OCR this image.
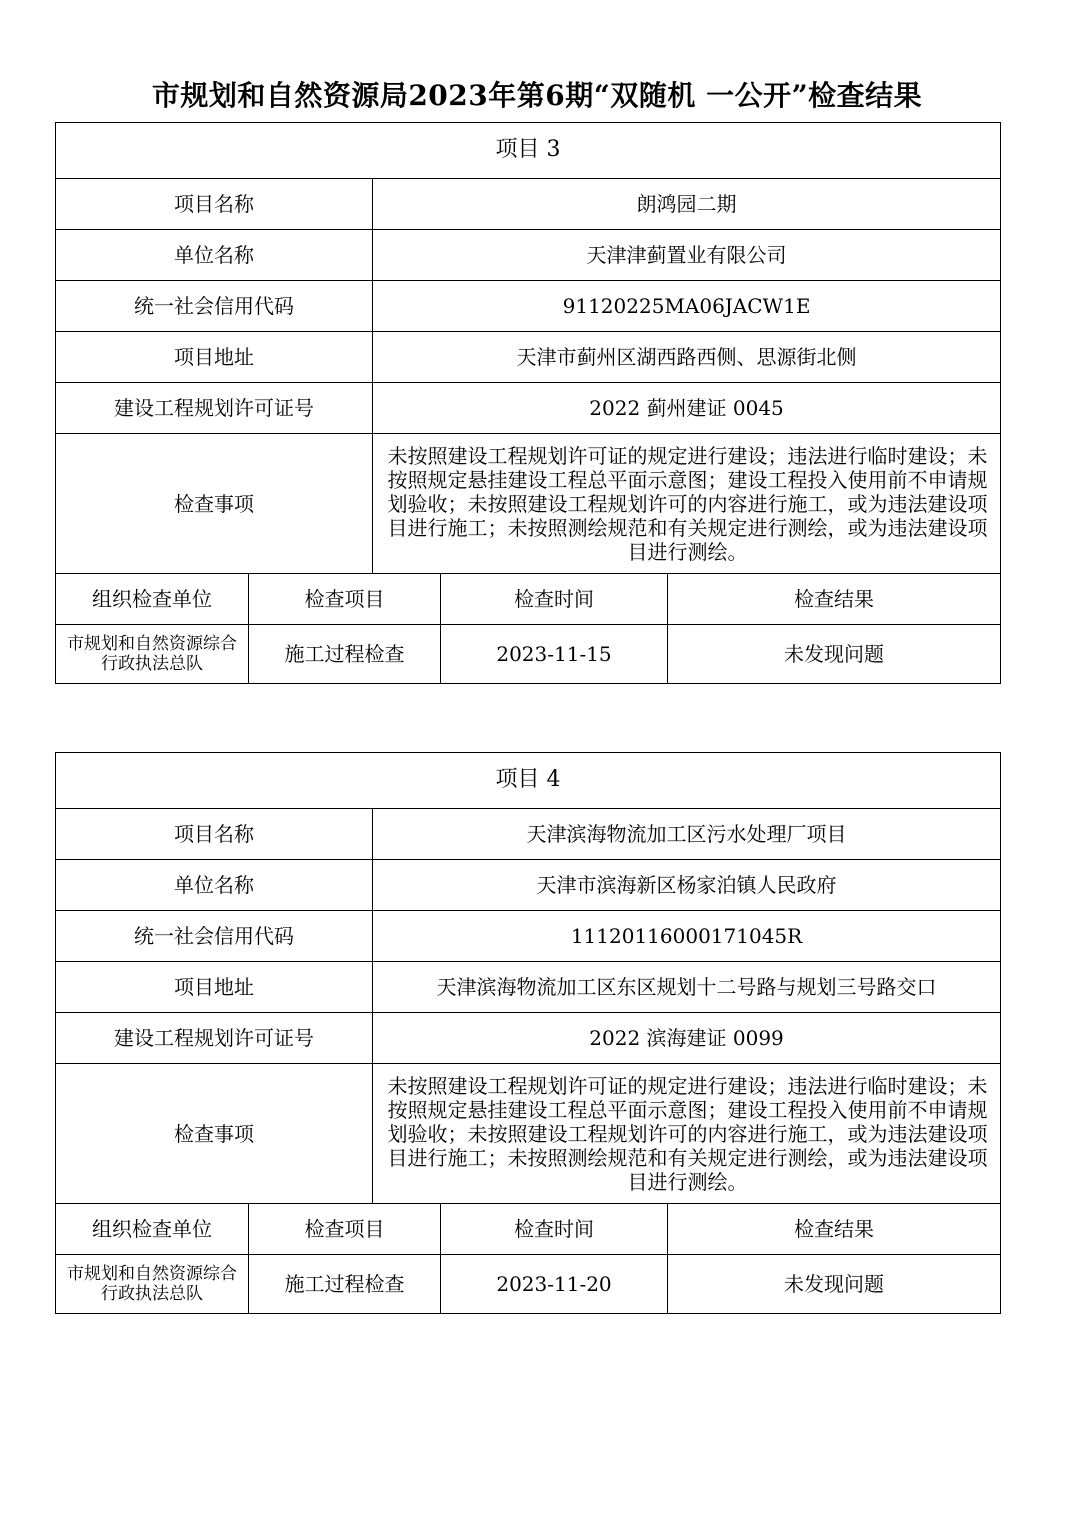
市规划和自然资源局2023年第6期“双随机 一公开”检查结果
项目 3				
项目名称		朗鸿园二期		
单位名称		天津津蓟置业有限公司		
统一社会信用代码		91120225MA06JACW1E		
项目地址		天津市蓟州区湖西路西侧、思源街北侧		
建设工程规划许可证号		2022 蓟州建证 0045		
检查事项		未按照建设工程规划许可证的规定进行建设；违法进行临时建设；未按照规定悬挂建设工程总平面示意图；建设工程投入使用前不申请规划验收；未按照建设工程规划许可的内容进行施工，或为违法建设项目进行施工；未按照测绘规范和有关规定进行测绘，或为违法建设项目进行测绘。		
组织检查单位	检查项目		检查时间	检查结果
市规划和自然资源综合行政执法总队	施工过程检查		2023-11-15	未发现问题
项目 4				
项目名称		天津滨海物流加工区污水处理厂项目		
单位名称		天津市滨海新区杨家泊镇人民政府		
统一社会信用代码		11120116000171045R		
项目地址		天津滨海物流加工区东区规划十二号路与规划三号路交口		
建设工程规划许可证号		2022 滨海建证 0099		
检查事项		未按照建设工程规划许可证的规定进行建设；违法进行临时建设；未按照规定悬挂建设工程总平面示意图；建设工程投入使用前不申请规划验收；未按照建设工程规划许可的内容进行施工，或为违法建设项目进行施工；未按照测绘规范和有关规定进行测绘，或为违法建设项目进行测绘。		
组织检查单位	检查项目		检查时间	检查结果
市规划和自然资源综合行政执法总队	施工过程检查		2023-11-20	未发现问题
